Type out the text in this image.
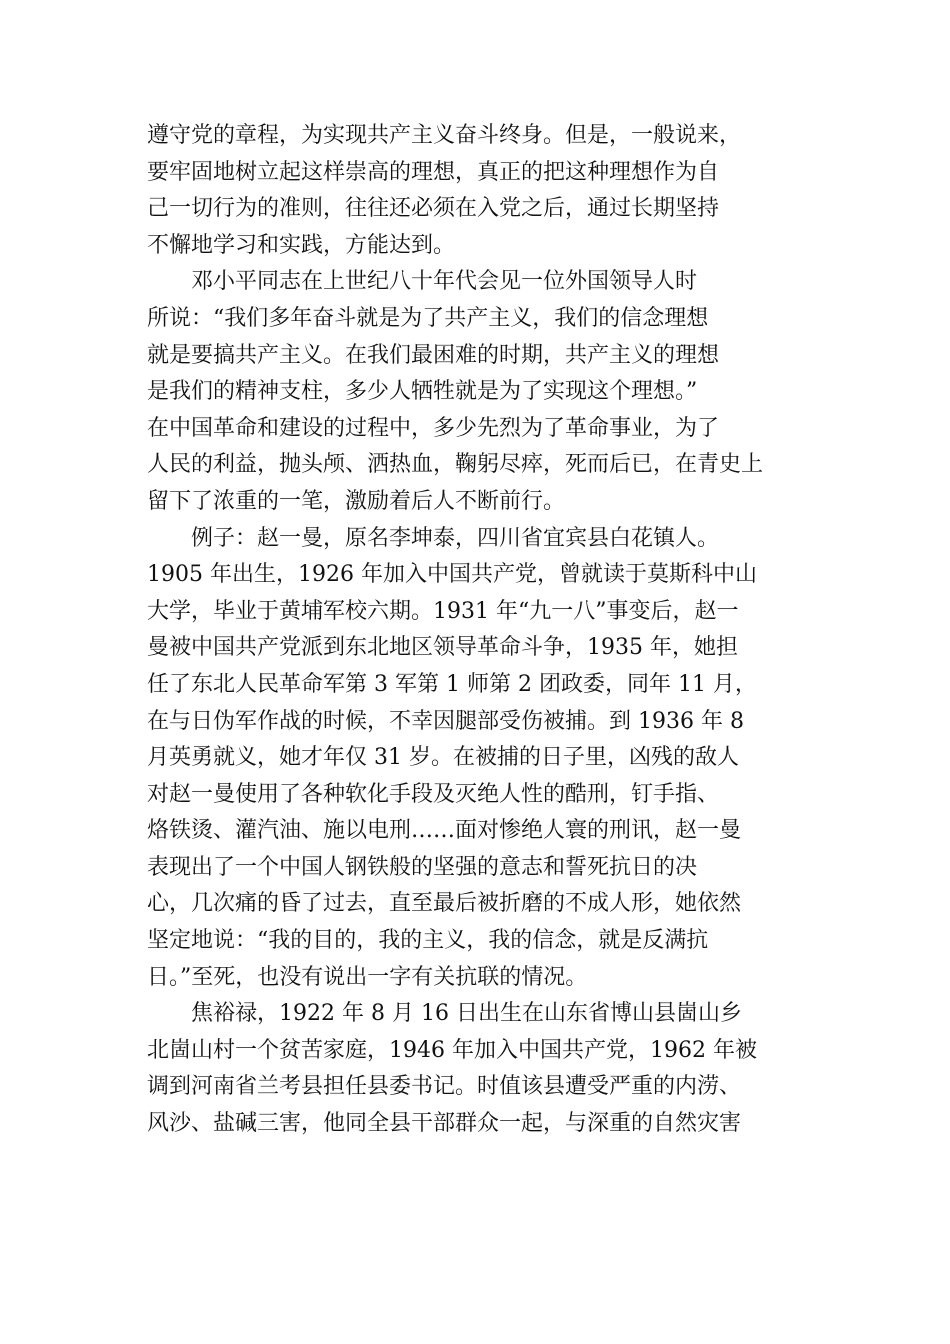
遵守党的章程，为实现共产主义奋斗终身。但是，一般说来，
要牢固地树立起这样崇高的理想，真正的把这种理想作为自
己一切行为的准则，往往还必须在入党之后，通过长期坚持
不懈地学习和实践，方能达到。

邓小平同志在上世纪八十年代会见一位外国领导人时
所说：“我们多年奋斗就是为了共产主义，我们的信念理想
就是要搞共产主义。在我们最困难的时期，共产主义的理想
是我们的精神支柱，多少人牺牲就是为了实现这个理想。”
在中国革命和建设的过程中，多少先烈为了革命事业，为了
人民的利益，抛头颅、洒热血，鞠躬尽瘁，死而后已，在青史上
留下了浓重的一笔，激励着后人不断前行。

例子：赵一曼，原名李坤泰，四川省宜宾县白花镇人。
1905 年出生，1926 年加入中国共产党，曾就读于莫斯科中山
大学，毕业于黄埔军校六期。1931 年“九一八”事变后，赵一
曼被中国共产党派到东北地区领导革命斗争，1935 年，她担
任了东北人民革命军第 3 军第 1 师第 2 团政委，同年 11 月，
在与日伪军作战的时候，不幸因腿部受伤被捕。到 1936 年 8
月英勇就义，她才年仅 31 岁。在被捕的日子里，凶残的敌人
对赵一曼使用了各种软化手段及灭绝人性的酷刑，钉手指、
烙铁烫、灌汽油、施以电刑……面对惨绝人寰的刑讯，赵一曼
表现出了一个中国人钢铁般的坚强的意志和誓死抗日的决
心，几次痛的昏了过去，直至最后被折磨的不成人形，她依然
坚定地说：“我的目的，我的主义，我的信念，就是反满抗
日。”至死，也没有说出一字有关抗联的情况。

焦裕禄，1922 年 8 月 16 日出生在山东省博山县崮山乡
北崮山村一个贫苦家庭，1946 年加入中国共产党，1962 年被
调到河南省兰考县担任县委书记。时值该县遭受严重的内涝、
风沙、盐碱三害，他同全县干部群众一起，与深重的自然灾害
